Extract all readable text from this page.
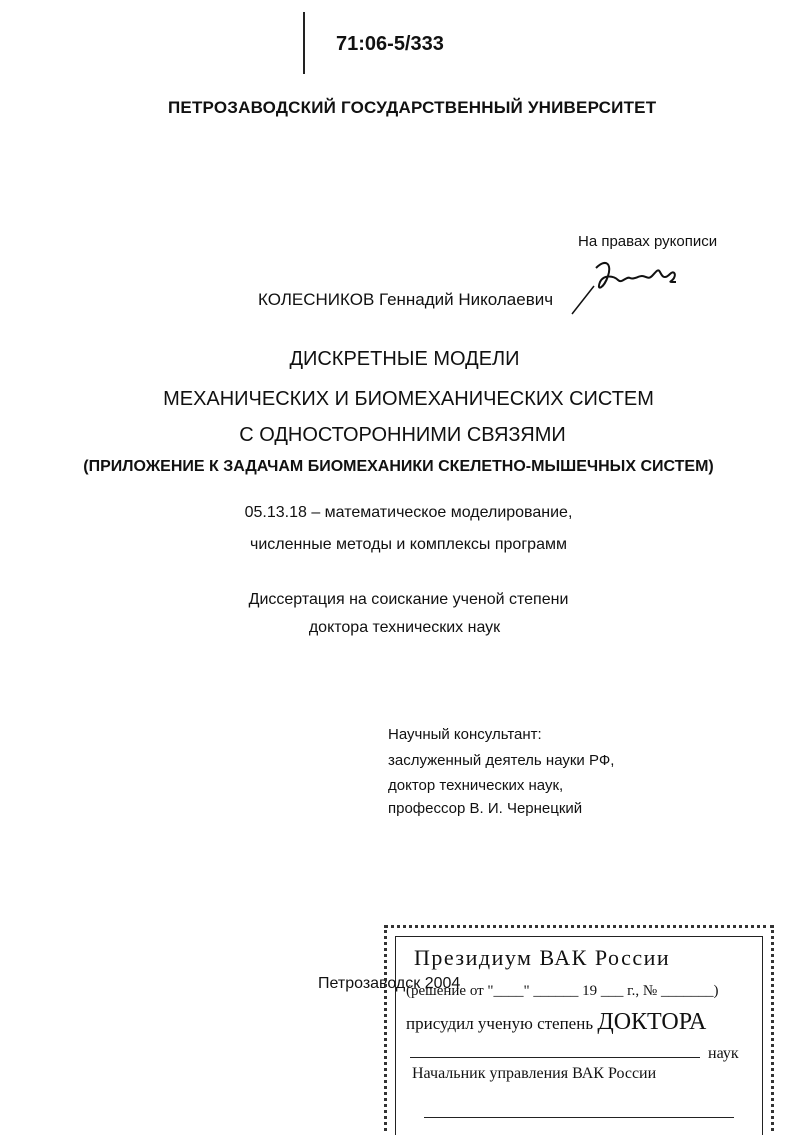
71:06-5/333
ПЕТРОЗАВОДСКИЙ ГОСУДАРСТВЕННЫЙ УНИВЕРСИТЕТ
На правах рукописи
КОЛЕСНИКОВ Геннадий Николаевич
ДИСКРЕТНЫЕ МОДЕЛИ
МЕХАНИЧЕСКИХ И БИОМЕХАНИЧЕСКИХ СИСТЕМ
С ОДНОСТОРОННИМИ СВЯЗЯМИ
(ПРИЛОЖЕНИЕ К ЗАДАЧАМ БИОМЕХАНИКИ СКЕЛЕТНО-МЫШЕЧНЫХ СИСТЕМ)
05.13.18 – математическое моделирование,
численные методы и комплексы программ
Диссертация на соискание ученой степени
доктора технических наук
Научный консультант:
заслуженный деятель науки РФ,
доктор технических наук,
профессор В. И. Чернецкий
Петрозаводск 2004
Президиум ВАК России
(решение от "____" ______ 19 ___ г., № _______)
присудил ученую степень ДОКТОРА
наук
Начальник управления ВАК России
